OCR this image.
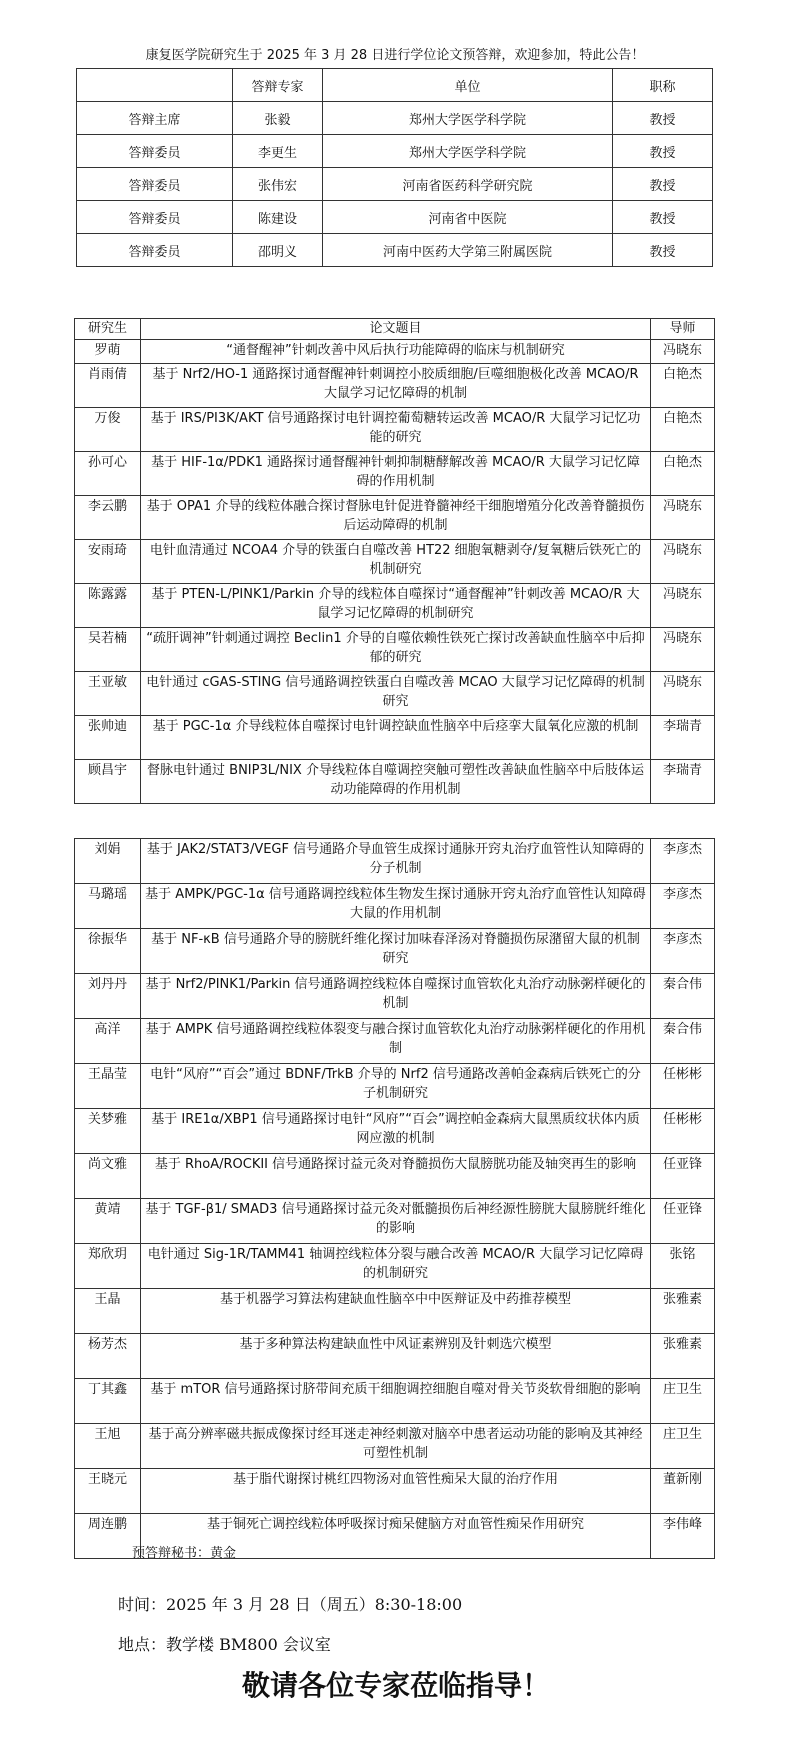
康复医学院研究生于 2025 年 3 月 28 日进行学位论文预答辩，欢迎参加，特此公告！
	答辩专家	单位	职称
答辩主席	张毅	郑州大学医学科学院	教授
答辩委员	李更生	郑州大学医学科学院	教授
答辩委员	张伟宏	河南省医药科学研究院	教授
答辩委员	陈建设	河南省中医院	教授
答辩委员	邵明义	河南中医药大学第三附属医院	教授
研究生	论文题目	导师
罗萌	“通督醒神”针刺改善中风后执行功能障碍的临床与机制研究	冯晓东
肖雨倩	基于 Nrf2/HO-1 通路探讨通督醒神针刺调控小胶质细胞/巨噬细胞极化改善 MCAO/R 大鼠学习记忆障碍的机制	白艳杰
万俊	基于 IRS/PI3K/AKT 信号通路探讨电针调控葡萄糖转运改善 MCAO/R 大鼠学习记忆功能的研究	白艳杰
孙可心	基于 HIF-1α/PDK1 通路探讨通督醒神针刺抑制糖酵解改善 MCAO/R 大鼠学习记忆障碍的作用机制	白艳杰
李云鹏	基于 OPA1 介导的线粒体融合探讨督脉电针促进脊髓神经干细胞增殖分化改善脊髓损伤后运动障碍的机制	冯晓东
安雨琦	电针血清通过 NCOA4 介导的铁蛋白自噬改善 HT22 细胞氧糖剥夺/复氧糖后铁死亡的机制研究	冯晓东
陈露露	基于 PTEN-L/PINK1/Parkin 介导的线粒体自噬探讨“通督醒神”针刺改善 MCAO/R 大鼠学习记忆障碍的机制研究	冯晓东
吴若楠	“疏肝调神”针刺通过调控 Beclin1 介导的自噬依赖性铁死亡探讨改善缺血性脑卒中后抑郁的研究	冯晓东
王亚敏	电针通过 cGAS-STING 信号通路调控铁蛋白自噬改善 MCAO 大鼠学习记忆障碍的机制研究	冯晓东
张帅迪	基于 PGC-1α 介导线粒体自噬探讨电针调控缺血性脑卒中后痉挛大鼠氧化应激的机制	李瑞青
顾昌宇	督脉电针通过 BNIP3L/NIX 介导线粒体自噬调控突触可塑性改善缺血性脑卒中后肢体运动功能障碍的作用机制	李瑞青
刘娟	基于 JAK2/STAT3/VEGF 信号通路介导血管生成探讨通脉开窍丸治疗血管性认知障碍的分子机制	李彦杰
马璐瑶	基于 AMPK/PGC-1α 信号通路调控线粒体生物发生探讨通脉开窍丸治疗血管性认知障碍大鼠的作用机制	李彦杰
徐振华	基于 NF-κB 信号通路介导的膀胱纤维化探讨加味春泽汤对脊髓损伤尿潴留大鼠的机制研究	李彦杰
刘丹丹	基于 Nrf2/PINK1/Parkin 信号通路调控线粒体自噬探讨血管软化丸治疗动脉粥样硬化的机制	秦合伟
高洋	基于 AMPK 信号通路调控线粒体裂变与融合探讨血管软化丸治疗动脉粥样硬化的作用机制	秦合伟
王晶莹	电针“风府”“百会”通过 BDNF/TrkB 介导的 Nrf2 信号通路改善帕金森病后铁死亡的分子机制研究	任彬彬
关梦雅	基于 IRE1α/XBP1 信号通路探讨电针“风府”“百会”调控帕金森病大鼠黑质纹状体内质网应激的机制	任彬彬
尚文雅	基于 RhoA/ROCKII 信号通路探讨益元灸对脊髓损伤大鼠膀胱功能及轴突再生的影响	任亚锋
黄靖	基于 TGF-β1/ SMAD3 信号通路探讨益元灸对骶髓损伤后神经源性膀胱大鼠膀胱纤维化的影响	任亚锋
郑欣玥	电针通过 Sig-1R/TAMM41 轴调控线粒体分裂与融合改善 MCAO/R 大鼠学习记忆障碍的机制研究	张铭
王晶	基于机器学习算法构建缺血性脑卒中中医辩证及中药推荐模型	张雅素
杨芳杰	基于多种算法构建缺血性中风证素辨别及针刺选穴模型	张雅素
丁其鑫	基于 mTOR 信号通路探讨脐带间充质干细胞调控细胞自噬对骨关节炎软骨细胞的影响	庄卫生
王旭	基于高分辨率磁共振成像探讨经耳迷走神经刺激对脑卒中患者运动功能的影响及其神经可塑性机制	庄卫生
王晓元	基于脂代谢探讨桃红四物汤对血管性痴呆大鼠的治疗作用	董新刚
周连鹏	基于铜死亡调控线粒体呼吸探讨痴呆健脑方对血管性痴呆作用研究	李伟峰
预答辩秘书：黄金
时间：2025 年 3 月 28 日（周五）8:30-18:00
地点：教学楼 BM800 会议室
敬请各位专家莅临指导！
